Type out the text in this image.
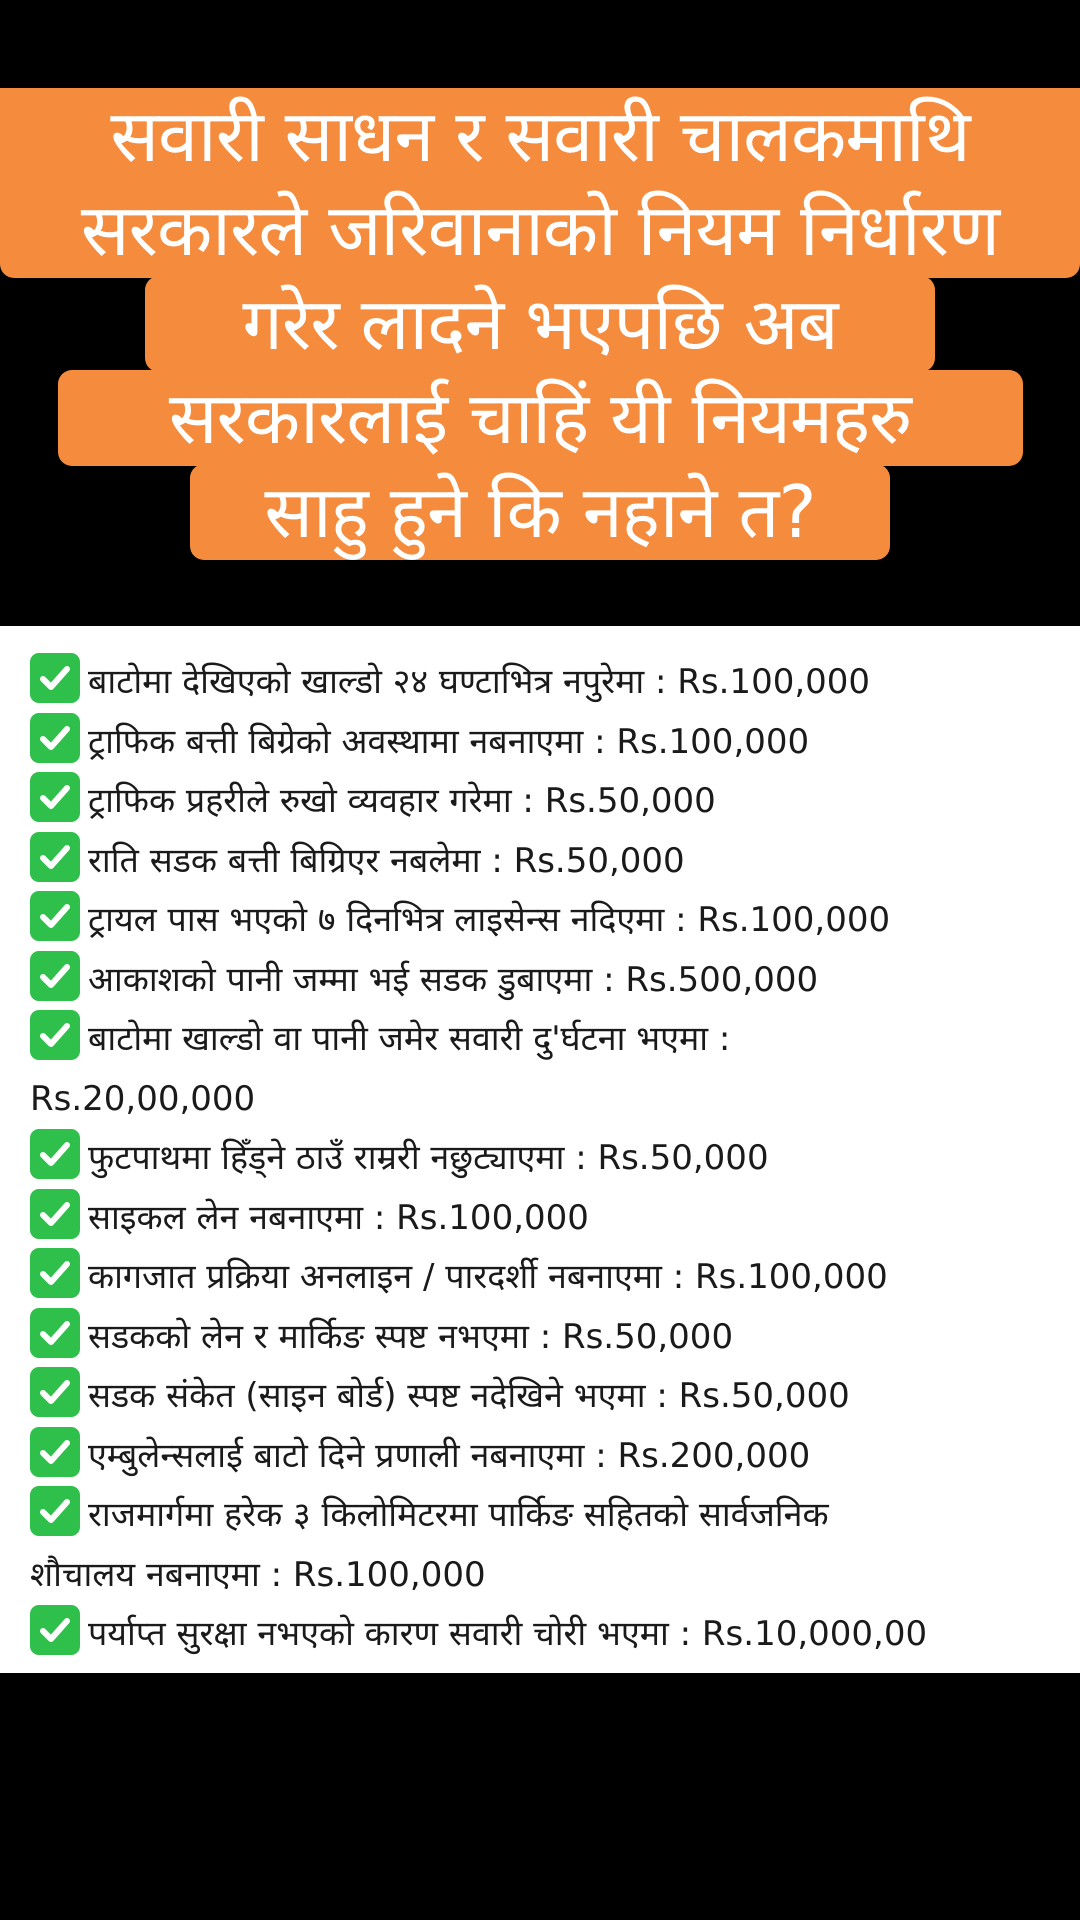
सवारी साधन र सवारी चालकमाथि
सरकारले जरिवानाको नियम निर्धारण
गरेर लादने भएपछि अब
सरकारलाई चाहिं यी नियमहरु
साहु हुने कि नहाने त?

बाटोमा देखिएको खाल्डो २४ घण्टाभित्र नपुरेमा : Rs.100,000

ट्राफिक बत्ती बिग्रेको अवस्थामा नबनाएमा : Rs.100,000

ट्राफिक प्रहरीले रुखो व्यवहार गरेमा : Rs.50,000

राति सडक बत्ती बिग्रिएर नबलेमा : Rs.50,000

ट्रायल पास भएको ७ दिनभित्र लाइसेन्स नदिएमा : Rs.100,000

आकाशको पानी जम्मा भई सडक डुबाएमा : Rs.500,000

बाटोमा खाल्डो वा पानी जमेर सवारी दु'र्घटना भएमा :
Rs.20,00,000

फुटपाथमा हिँड्ने ठाउँ राम्ररी नछुट्याएमा : Rs.50,000

साइकल लेन नबनाएमा : Rs.100,000

कागजात प्रक्रिया अनलाइन / पारदर्शी नबनाएमा : Rs.100,000

सडकको लेन र मार्किङ स्पष्ट नभएमा : Rs.50,000

सडक संकेत (साइन बोर्ड) स्पष्ट नदेखिने भएमा : Rs.50,000

एम्बुलेन्सलाई बाटो दिने प्रणाली नबनाएमा : Rs.200,000

राजमार्गमा हरेक ३ किलोमिटरमा पार्किङ सहितको सार्वजनिक
शौचालय नबनाएमा : Rs.100,000

पर्याप्त सुरक्षा नभएको कारण सवारी चोरी भएमा : Rs.10,000,00
